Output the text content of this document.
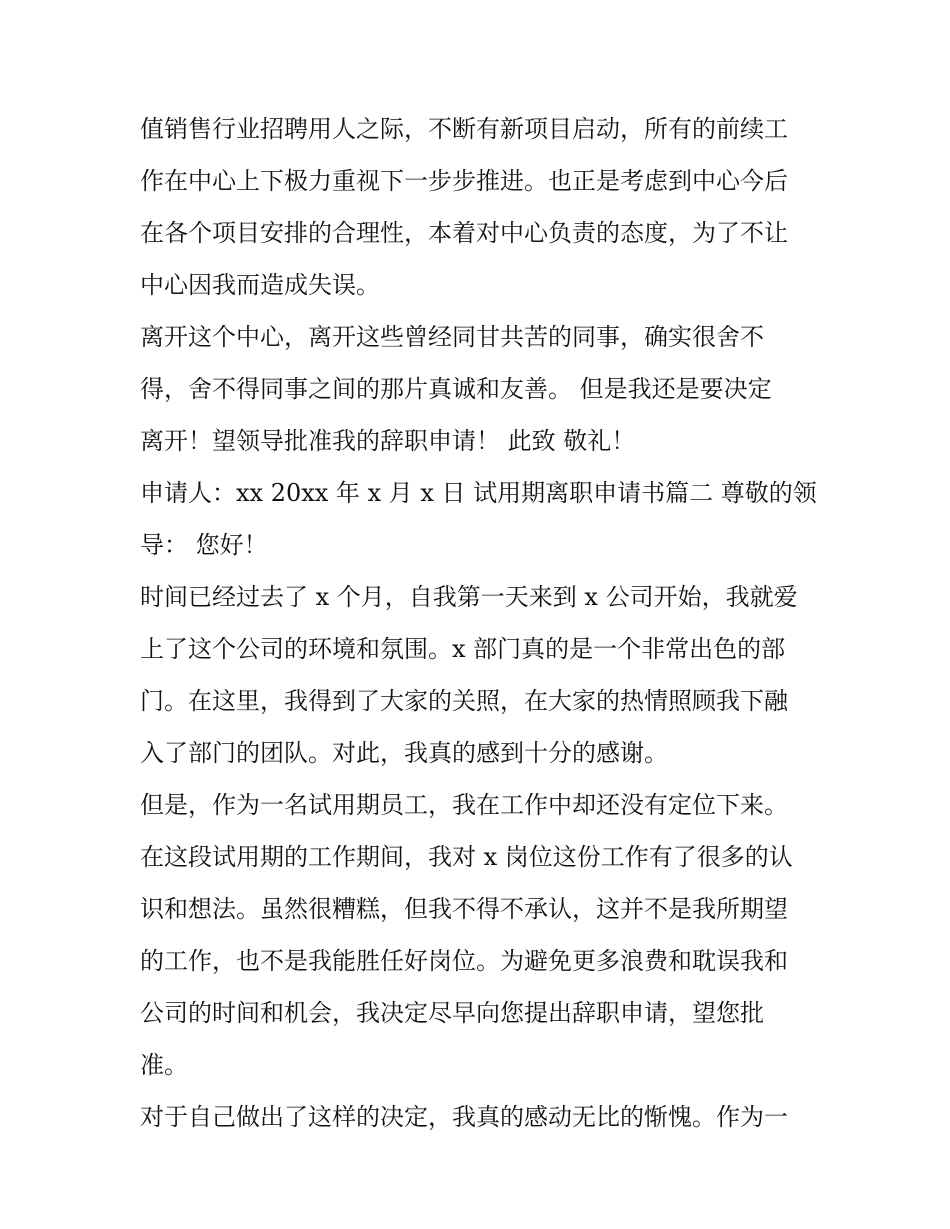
值销售行业招聘用人之际，不断有新项目启动，所有的前续工
作在中心上下极力重视下一步步推进。也正是考虑到中心今后
在各个项目安排的合理性，本着对中心负责的态度，为了不让
中心因我而造成失误。
离开这个中心，离开这些曾经同甘共苦的同事，确实很舍不
得，舍不得同事之间的那片真诚和友善。 但是我还是要决定
离开！望领导批准我的辞职申请！ 此致 敬礼！
申请人：xx 20xx 年 x 月 x 日 试用期离职申请书篇二 尊敬的领
导： 您好！
时间已经过去了 x 个月，自我第一天来到 x 公司开始，我就爱
上了这个公司的环境和氛围。x 部门真的是一个非常出色的部
门。在这里，我得到了大家的关照，在大家的热情照顾我下融
入了部门的团队。对此，我真的感到十分的感谢。
但是，作为一名试用期员工，我在工作中却还没有定位下来。
在这段试用期的工作期间，我对 x 岗位这份工作有了很多的认
识和想法。虽然很糟糕，但我不得不承认，这并不是我所期望
的工作，也不是我能胜任好岗位。为避免更多浪费和耽误我和
公司的时间和机会，我决定尽早向您提出辞职申请，望您批
准。
对于自己做出了这样的决定，我真的感动无比的惭愧。作为一
